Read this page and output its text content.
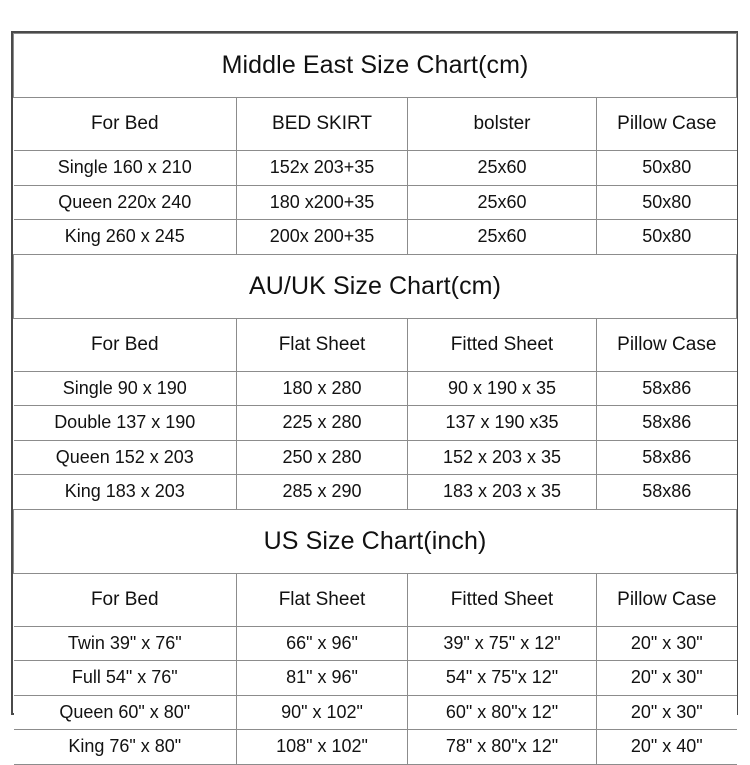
Middle East Size Chart(cm)			
For Bed	BED SKIRT	bolster	Pillow Case
Single 160 x 210	152x 203+35	25x60	50x80
Queen 220x 240	180 x200+35	25x60	50x80
King 260 x 245	200x 200+35	25x60	50x80
AU/UK Size Chart(cm)			
For Bed	Flat Sheet	Fitted Sheet	Pillow Case
Single 90 x 190	180 x 280	90 x 190 x 35	58x86
Double 137 x 190	225 x 280	137 x 190 x35	58x86
Queen 152 x 203	250 x 280	152 x 203 x 35	58x86
King 183 x 203	285 x 290	183 x 203 x 35	58x86
US Size Chart(inch)			
For Bed	Flat Sheet	Fitted Sheet	Pillow Case
Twin 39" x 76"	66" x 96"	39" x 75" x 12"	20" x 30"
Full 54" x 76"	81" x 96"	54" x 75"x 12"	20" x 30"
Queen 60" x 80"	90" x 102"	60" x 80"x 12"	20" x 30"
King 76" x 80"	108" x 102"	78" x 80"x 12"	20" x 40"
